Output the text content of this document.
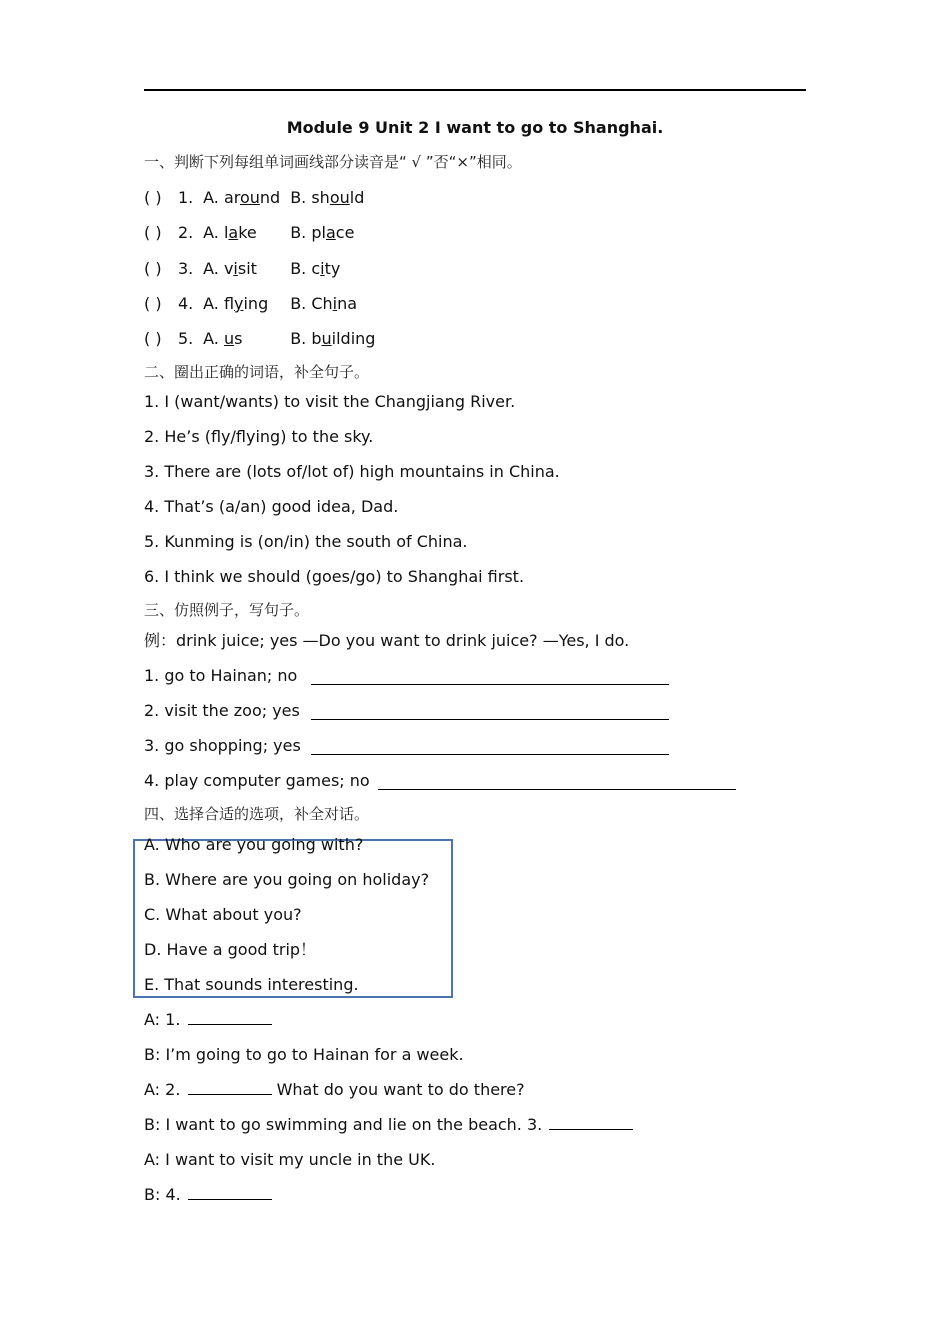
Module 9 Unit 2 I want to go to Shanghai.
一、判断下列每组单词画线部分读音是“ √ ”否“×”相同。
( ) 1. A. around B. should
( ) 2. A. lake B. place
( ) 3. A. visit B. city
( ) 4. A. flying B. China
( ) 5. A. us	B. building
二、圈出正确的词语，补全句子。
1. I (want/wants) to visit the Changjiang River.
2. He’s (fly/flying) to the sky.
3. There are (lots of/lot of) high mountains in China.
4. That’s (a/an) good idea, Dad.
5. Kunming is (on/in) the south of China.
6. I think we should (goes/go) to Shanghai first.
三、仿照例子，写句子。
例：drink juice; yes —Do you want to drink juice? —Yes, I do.
1. go to Hainan; no
2. visit the zoo; yes
3. go shopping; yes
4. play computer games; no
四、选择合适的选项，补全对话。
A. Who are you going with?
B. Where are you going on holiday?
C. What about you?
D. Have a good trip！
E. That sounds interesting.
A: 1.
B: I’m going to go to Hainan for a week.
A: 2.	What do you want to do there?
B: I want to go swimming and lie on the beach. 3.
A: I want to visit my uncle in the UK.
B: 4.
